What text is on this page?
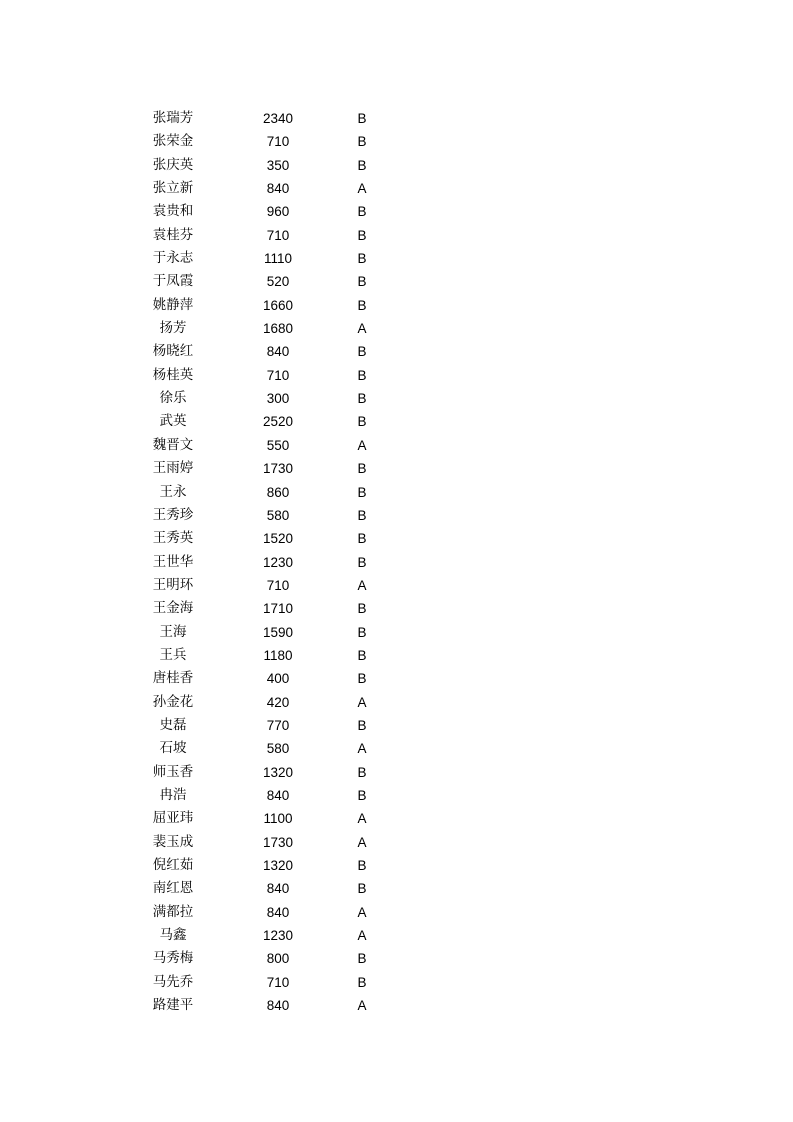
张瑞芳	2340	B
张荣金	710	B
张庆英	350	B
张立新	840	A
袁贵和	960	B
袁桂芬	710	B
于永志	1110	B
于凤霞	520	B
姚静萍	1660	B
扬芳	1680	A
杨晓红	840	B
杨桂英	710	B
徐乐	300	B
武英	2520	B
魏晋文	550	A
王雨婷	1730	B
王永	860	B
王秀珍	580	B
王秀英	1520	B
王世华	1230	B
王明环	710	A
王金海	1710	B
王海	1590	B
王兵	1180	B
唐桂香	400	B
孙金花	420	A
史磊	770	B
石坡	580	A
师玉香	1320	B
冉浩	840	B
屈亚玮	1100	A
裴玉成	1730	A
倪红茹	1320	B
南红恩	840	B
满都拉	840	A
马鑫	1230	A
马秀梅	800	B
马先乔	710	B
路建平	840	A
